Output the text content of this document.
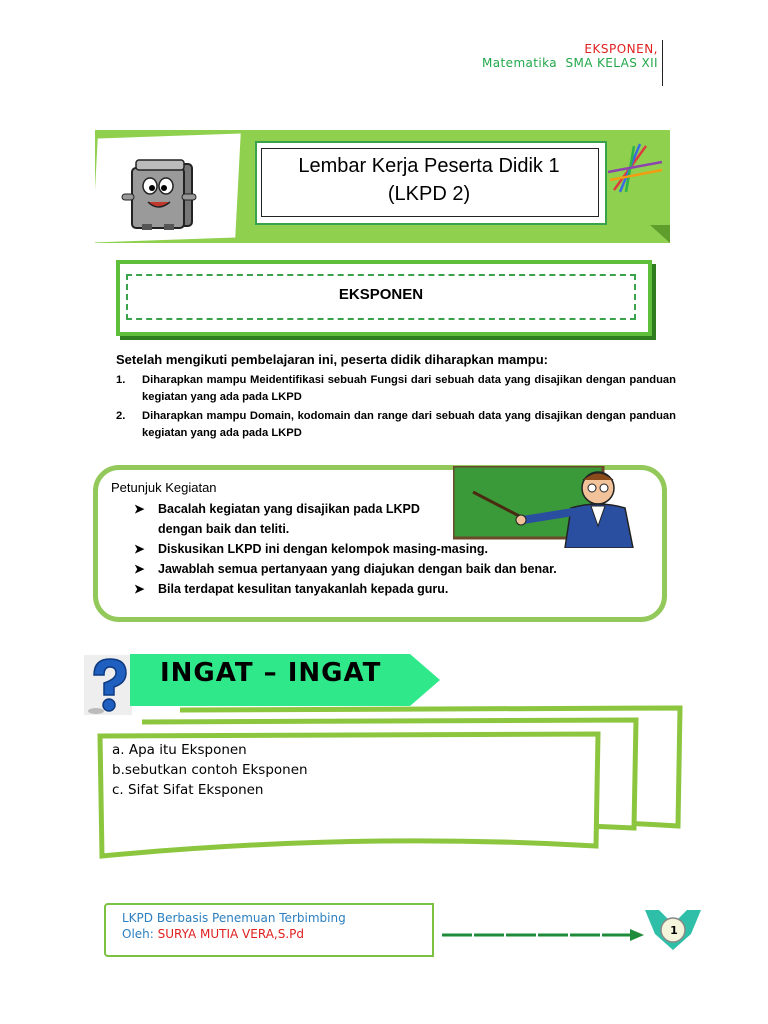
EKSPONEN,
Matematika  SMA KELAS XII
Lembar Kerja Peserta Didik 1
(LKPD 2)
EKSPONEN
Setelah mengikuti pembelajaran ini, peserta didik diharapkan mampu:
1.	Diharapkan mampu Meidentifikasi sebuah Fungsi dari sebuah data yang disajikan dengan panduan kegiatan yang ada pada LKPD
2.	Diharapkan mampu Domain, kodomain dan range dari sebuah data yang disajikan dengan panduan kegiatan yang ada pada LKPD
Petunjuk Kegiatan
➤ Bacalah kegiatan yang disajikan pada LKPD dengan baik dan teliti.
➤ Diskusikan LKPD ini dengan kelompok masing-masing.
➤ Jawablah semua pertanyaan yang diajukan dengan baik dan benar.
➤ Bila terdapat kesulitan tanyakanlah kepada guru.
INGAT – INGAT
a. Apa itu Eksponen
b.sebutkan contoh Eksponen
c. Sifat Sifat Eksponen
LKPD Berbasis Penemuan Terbimbing
Oleh: SURYA MUTIA VERA,S.Pd	1
